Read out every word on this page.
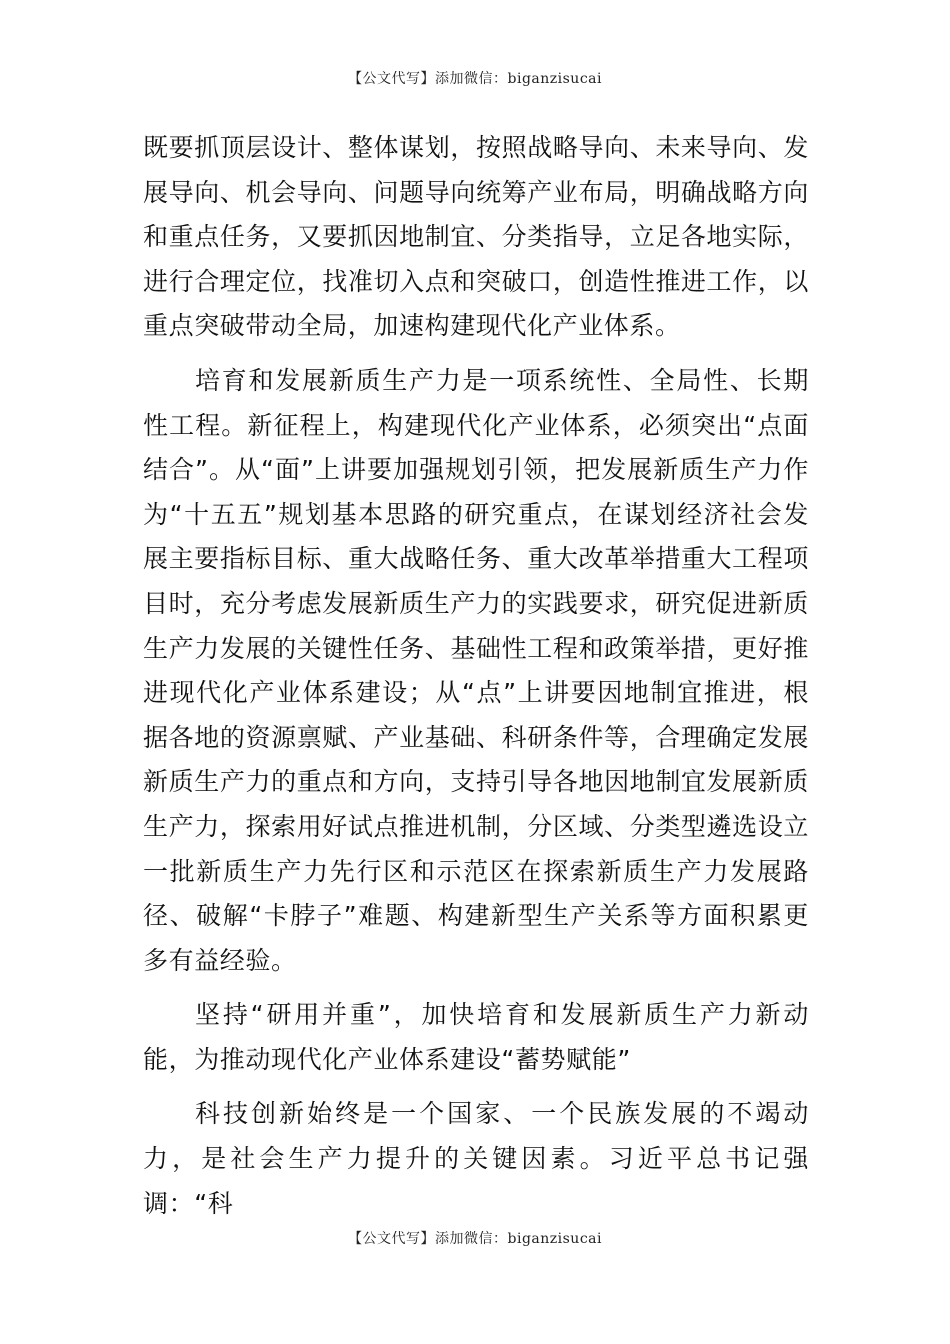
【公文代写】添加微信：biganzisucai

既要抓顶层设计、整体谋划，按照战略导向、未来导向、发展导向、机会导向、问题导向统筹产业布局，明确战略方向和重点任务，又要抓因地制宜、分类指导，立足各地实际，进行合理定位，找准切入点和突破口，创造性推进工作，以重点突破带动全局，加速构建现代化产业体系。

培育和发展新质生产力是一项系统性、全局性、长期性工程。新征程上，构建现代化产业体系，必须突出“点面结合”。从“面”上讲要加强规划引领，把发展新质生产力作为“十五五”规划基本思路的研究重点，在谋划经济社会发展主要指标目标、重大战略任务、重大改革举措重大工程项目时，充分考虑发展新质生产力的实践要求，研究促进新质生产力发展的关键性任务、基础性工程和政策举措，更好推进现代化产业体系建设；从“点”上讲要因地制宜推进，根据各地的资源禀赋、产业基础、科研条件等，合理确定发展新质生产力的重点和方向，支持引导各地因地制宜发展新质生产力，探索用好试点推进机制，分区域、分类型遴选设立一批新质生产力先行区和示范区在探索新质生产力发展路径、破解“卡脖子”难题、构建新型生产关系等方面积累更多有益经验。

坚持“研用并重”，加快培育和发展新质生产力新动能，为推动现代化产业体系建设“蓄势赋能”

科技创新始终是一个国家、一个民族发展的不竭动力，是社会生产力提升的关键因素。习近平总书记强调：“科

【公文代写】添加微信：biganzisucai
